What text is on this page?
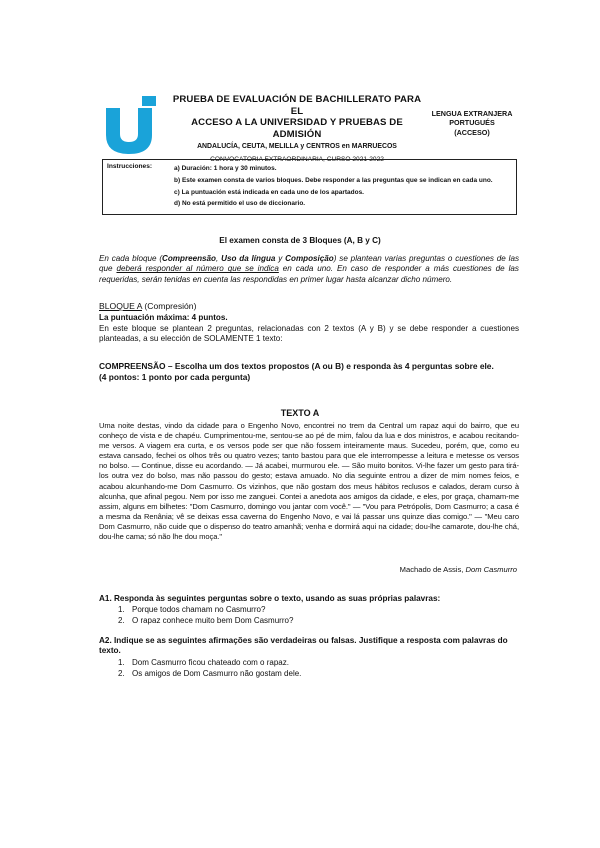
PRUEBA DE EVALUACIÓN DE BACHILLERATO PARA EL
ACCESO A LA UNIVERSIDAD Y PRUEBAS DE ADMISIÓN
ANDALUCÍA, CEUTA, MELILLA y CENTROS en MARRUECOS
CONVOCATORIA EXTRAORDINARIA, CURSO 2021-2022
LENGUA EXTRANJERA
PORTUGUÉS
(ACCESO)
Instrucciones:	a) Duración: 1 hora y 30 minutos.
b) Este examen consta de varios bloques. Debe responder a las preguntas que se indican en cada uno.
c) La puntuación está indicada en cada uno de los apartados.
d) No está permitido el uso de diccionario.
El examen consta de 3 Bloques (A, B y C)
En cada bloque (Compreensão, Uso da língua y Composição) se plantean varias preguntas o cuestiones de las que deberá responder al número que se indica en cada uno. En caso de responder a más cuestiones de las requeridas, serán tenidas en cuenta las respondidas en primer lugar hasta alcanzar dicho número.
BLOQUE A (Compresión)
La puntuación máxima: 4 puntos.
En este bloque se plantean 2 preguntas, relacionadas con 2 textos (A y B) y se debe responder a cuestiones planteadas, a su elección de SOLAMENTE 1 texto:
COMPREENSÃO – Escolha um dos textos propostos (A ou B) e responda às 4 perguntas sobre ele.
(4 pontos: 1 ponto por cada pergunta)
TEXTO A
Uma noite destas, vindo da cidade para o Engenho Novo, encontrei no trem da Central um rapaz aqui do bairro, que eu conheço de vista e de chapéu. Cumprimentou-me, sentou-se ao pé de mim, falou da lua e dos ministros, e acabou recitando-me versos. A viagem era curta, e os versos pode ser que não fossem inteiramente maus. Sucedeu, porém, que, como eu estava cansado, fechei os olhos três ou quatro vezes; tanto bastou para que ele interrompesse a leitura e metesse os versos no bolso. — Continue, disse eu acordando. — Já acabei, murmurou ele. — São muito bonitos. Vi-lhe fazer um gesto para tirá-los outra vez do bolso, mas não passou do gesto; estava amuado. No dia seguinte entrou a dizer de mim nomes feios, e acabou alcunhando-me Dom Casmurro. Os vizinhos, que não gostam dos meus hábitos reclusos e calados, deram curso à alcunha, que afinal pegou. Nem por isso me zanguei. Contei a anedota aos amigos da cidade, e eles, por graça, chamam-me assim, alguns em bilhetes: "Dom Casmurro, domingo vou jantar com você." — "Vou para Petrópolis, Dom Casmurro; a casa é a mesma da Renânia; vê se deixas essa caverna do Engenho Novo, e vai lá passar uns quinze dias comigo." — "Meu caro Dom Casmurro, não cuide que o dispenso do teatro amanhã; venha e dormirá aqui na cidade; dou-lhe camarote, dou-lhe chá, dou-lhe cama; só não lhe dou moça."
Machado de Assis, Dom Casmurro
A1. Responda às seguintes perguntas sobre o texto, usando as suas próprias palavras:
1. Porque todos chamam no Casmurro?
2. O rapaz conhece muito bem Dom Casmurro?
A2. Indique se as seguintes afirmações são verdadeiras ou falsas. Justifique a resposta com palavras do texto.
1. Dom Casmurro ficou chateado com o rapaz.
2. Os amigos de Dom Casmurro não gostam dele.
